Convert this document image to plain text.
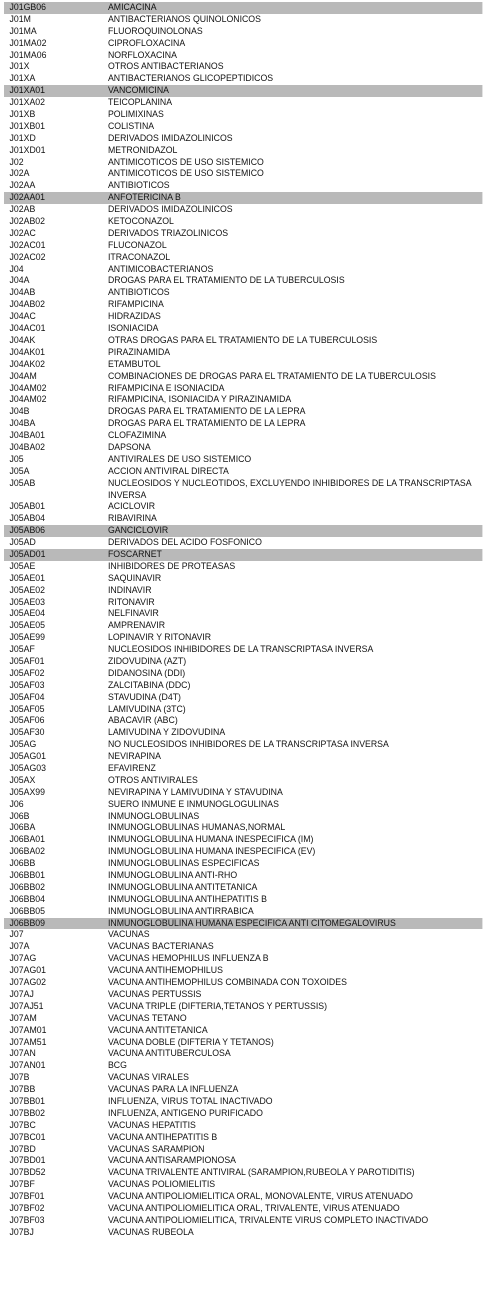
J01GB06	AMICACINA
J01M	ANTIBACTERIANOS QUINOLONICOS
J01MA	FLUOROQUINOLONAS
J01MA02	CIPROFLOXACINA
J01MA06	NORFLOXACINA
J01X	OTROS ANTIBACTERIANOS
J01XA	ANTIBACTERIANOS GLICOPEPTIDICOS
J01XA01	VANCOMICINA
J01XA02	TEICOPLANINA
J01XB	POLIMIXINAS
J01XB01	COLISTINA
J01XD	DERIVADOS IMIDAZOLINICOS
J01XD01	METRONIDAZOL
J02	ANTIMICOTICOS DE USO SISTEMICO
J02A	ANTIMICOTICOS DE USO SISTEMICO
J02AA	ANTIBIOTICOS
J02AA01	ANFOTERICINA B
J02AB	DERIVADOS IMIDAZOLINICOS
J02AB02	KETOCONAZOL
J02AC	DERIVADOS TRIAZOLINICOS
J02AC01	FLUCONAZOL
J02AC02	ITRACONAZOL
J04	ANTIMICOBACTERIANOS
J04A	DROGAS PARA EL TRATAMIENTO DE LA TUBERCULOSIS
J04AB	ANTIBIOTICOS
J04AB02	RIFAMPICINA
J04AC	HIDRAZIDAS
J04AC01	ISONIACIDA
J04AK	OTRAS DROGAS PARA EL TRATAMIENTO DE LA TUBERCULOSIS
J04AK01	PIRAZINAMIDA
J04AK02	ETAMBUTOL
J04AM	COMBINACIONES DE DROGAS PARA EL TRATAMIENTO DE LA TUBERCULOSIS
J04AM02	RIFAMPICINA E ISONIACIDA
J04AM02	RIFAMPICINA, ISONIACIDA Y PIRAZINAMIDA
J04B	DROGAS PARA EL TRATAMIENTO DE LA LEPRA
J04BA	DROGAS PARA EL TRATAMIENTO DE LA LEPRA
J04BA01	CLOFAZIMINA
J04BA02	DAPSONA
J05	ANTIVIRALES DE USO SISTEMICO
J05A	ACCION ANTIVIRAL DIRECTA
J05AB	NUCLEOSIDOS Y NUCLEOTIDOS, EXCLUYENDO INHIBIDORES DE LA TRANSCRIPTASA INVERSA
J05AB01	ACICLOVIR
J05AB04	RIBAVIRINA
J05AB06	GANCICLOVIR
J05AD	DERIVADOS DEL ACIDO FOSFONICO
J05AD01	FOSCARNET
J05AE	INHIBIDORES DE PROTEASAS
J05AE01	SAQUINAVIR
J05AE02	INDINAVIR
J05AE03	RITONAVIR
J05AE04	NELFINAVIR
J05AE05	AMPRENAVIR
J05AE99	LOPINAVIR Y RITONAVIR
J05AF	NUCLEOSIDOS INHIBIDORES DE LA TRANSCRIPTASA INVERSA
J05AF01	ZIDOVUDINA (AZT)
J05AF02	DIDANOSINA (DDI)
J05AF03	ZALCITABINA (DDC)
J05AF04	STAVUDINA (D4T)
J05AF05	LAMIVUDINA (3TC)
J05AF06	ABACAVIR (ABC)
J05AF30	LAMIVUDINA Y ZIDOVUDINA
J05AG	NO NUCLEOSIDOS INHIBIDORES DE LA TRANSCRIPTASA INVERSA
J05AG01	NEVIRAPINA
J05AG03	EFAVIRENZ
J05AX	OTROS ANTIVIRALES
J05AX99	NEVIRAPINA Y LAMIVUDINA Y STAVUDINA
J06	SUERO INMUNE E INMUNOGLOGULINAS
J06B	INMUNOGLOBULINAS
J06BA	INMUNOGLOBULINAS HUMANAS,NORMAL
J06BA01	INMUNOGLOBULINA HUMANA INESPECIFICA (IM)
J06BA02	INMUNOGLOBULINA HUMANA INESPECIFICA (EV)
J06BB	INMUNOGLOBULINAS ESPECIFICAS
J06BB01	INMUNOGLOBULINA ANTI-RHO
J06BB02	INMUNOGLOBULINA ANTITETANICA
J06BB04	INMUNOGLOBULINA ANTIHEPATITIS B
J06BB05	INMUNOGLOBULINA ANTIRRABICA
J06BB09	INMUNOGLOBULINA HUMANA ESPECIFICA ANTI CITOMEGALOVIRUS
J07	VACUNAS
J07A	VACUNAS BACTERIANAS
J07AG	VACUNAS HEMOPHILUS INFLUENZA B
J07AG01	VACUNA ANTIHEMOPHILUS
J07AG02	VACUNA ANTIHEMOPHILUS COMBINADA CON TOXOIDES
J07AJ	VACUNAS PERTUSSIS
J07AJ51	VACUNA TRIPLE (DIFTERIA,TETANOS Y PERTUSSIS)
J07AM	VACUNAS TETANO
J07AM01	VACUNA ANTITETANICA
J07AM51	VACUNA DOBLE (DIFTERIA Y TETANOS)
J07AN	VACUNA ANTITUBERCULOSA
J07AN01	BCG
J07B	VACUNAS VIRALES
J07BB	VACUNAS PARA LA INFLUENZA
J07BB01	INFLUENZA, VIRUS TOTAL INACTIVADO
J07BB02	INFLUENZA, ANTIGENO PURIFICADO
J07BC	VACUNAS HEPATITIS
J07BC01	VACUNA ANTIHEPATITIS B
J07BD	VACUNAS SARAMPION
J07BD01	VACUNA ANTISARAMPIONOSA
J07BD52	VACUNA TRIVALENTE ANTIVIRAL (SARAMPION,RUBEOLA Y PAROTIDITIS)
J07BF	VACUNAS POLIOMIELITIS
J07BF01	VACUNA ANTIPOLIOMIELITICA ORAL, MONOVALENTE, VIRUS ATENUADO
J07BF02	VACUNA ANTIPOLIOMIELITICA ORAL, TRIVALENTE, VIRUS ATENUADO
J07BF03	VACUNA ANTIPOLIOMIELITICA, TRIVALENTE VIRUS COMPLETO INACTIVADO
J07BJ	VACUNAS RUBEOLA
